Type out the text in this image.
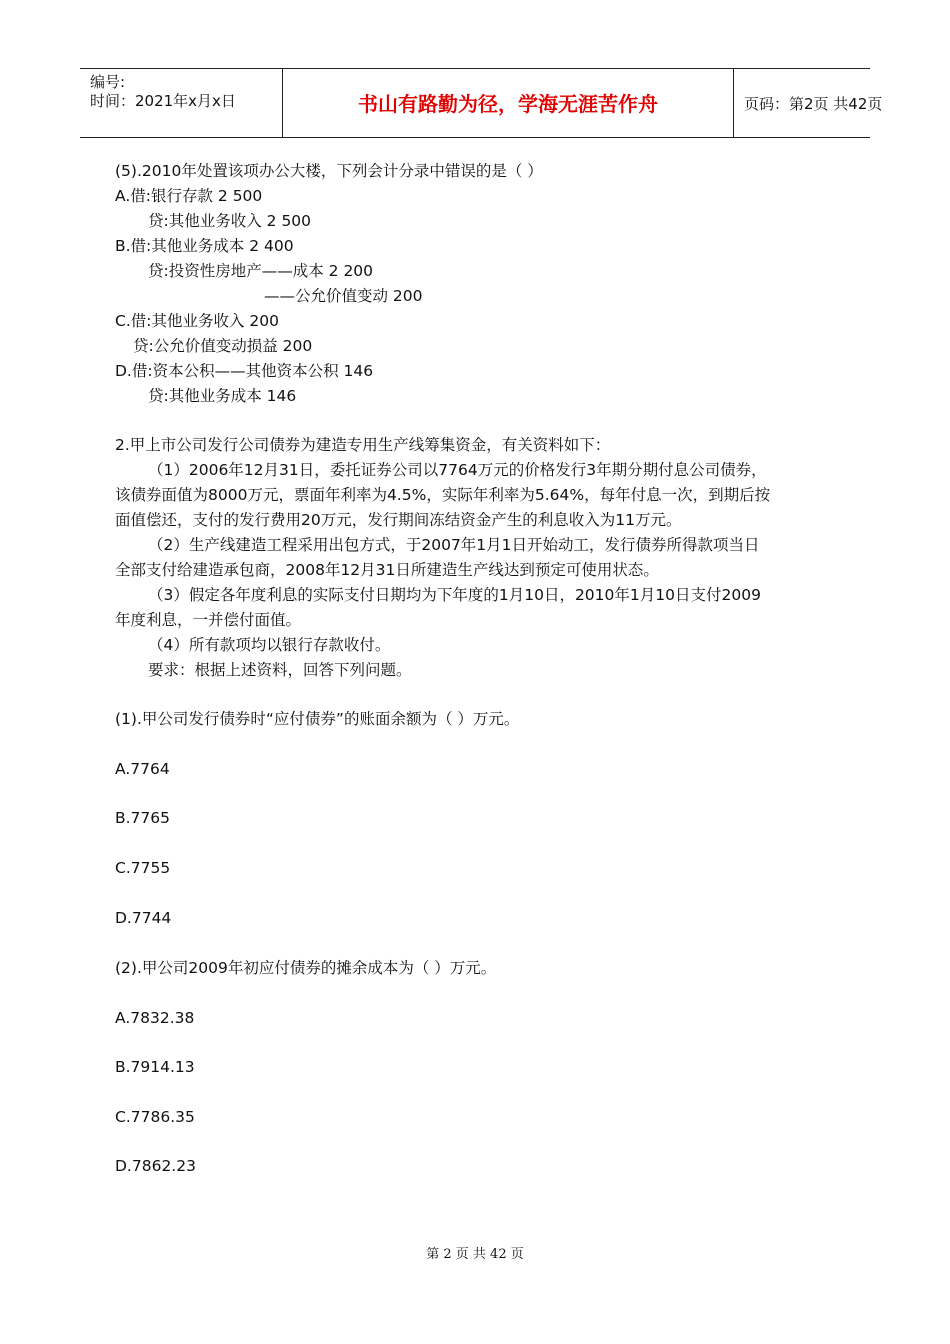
编号:
时间：2021年x月x日	书山有路勤为径，学海无涯苦作舟	页码：第2页 共42页
(5).2010年处置该项办公大楼，下列会计分录中错误的是（ ）
A.借:银行存款 2 500
贷:其他业务收入 2 500
B.借:其他业务成本 2 400
贷:投资性房地产——成本 2 200
——公允价值变动 200
C.借:其他业务收入 200
贷:公允价值变动损益 200
D.借:资本公积——其他资本公积 146
贷:其他业务成本 146
2.甲上市公司发行公司债券为建造专用生产线筹集资金，有关资料如下：
（1）2006年12月31日，委托证券公司以7764万元的价格发行3年期分期付息公司债券，
该债券面值为8000万元，票面年利率为4.5%，实际年利率为5.64%，每年付息一次，到期后按
面值偿还，支付的发行费用20万元，发行期间冻结资金产生的利息收入为11万元。
（2）生产线建造工程采用出包方式，于2007年1月1日开始动工，发行债券所得款项当日
全部支付给建造承包商，2008年12月31日所建造生产线达到预定可使用状态。
（3）假定各年度利息的实际支付日期均为下年度的1月10日，2010年1月10日支付2009
年度利息，一并偿付面值。
（4）所有款项均以银行存款收付。
要求：根据上述资料，回答下列问题。
(1).甲公司发行债券时“应付债券”的账面余额为（ ）万元。
A.7764
B.7765
C.7755
D.7744
(2).甲公司2009年初应付债券的摊余成本为（ ）万元。
A.7832.38
B.7914.13
C.7786.35
D.7862.23
第 2 页 共 42 页
